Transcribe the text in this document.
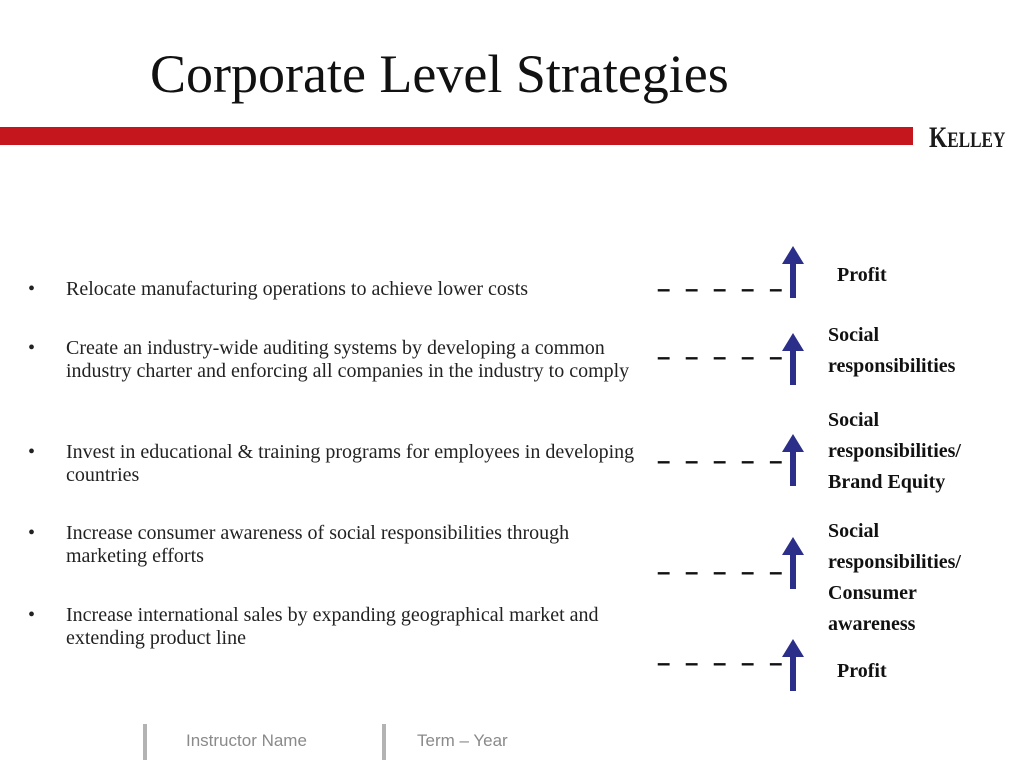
Corporate Level Strategies
KELLEY
• Relocate manufacturing operations to achieve lower costs
• Create an industry-wide auditing systems by developing a common industry charter and enforcing all companies in the industry to comply
• Invest in educational & training programs for employees in developing countries
• Increase consumer awareness of social responsibilities through marketing efforts
• Increase international sales by expanding geographical market and extending product line
– – – – –
– – – – –
– – – – –
– – – – –
– – – – –
Profit
Social
responsibilities
Social
responsibilities/
Brand Equity
Social
responsibilities/
Consumer
awareness
Profit
Instructor Name	Term – Year
